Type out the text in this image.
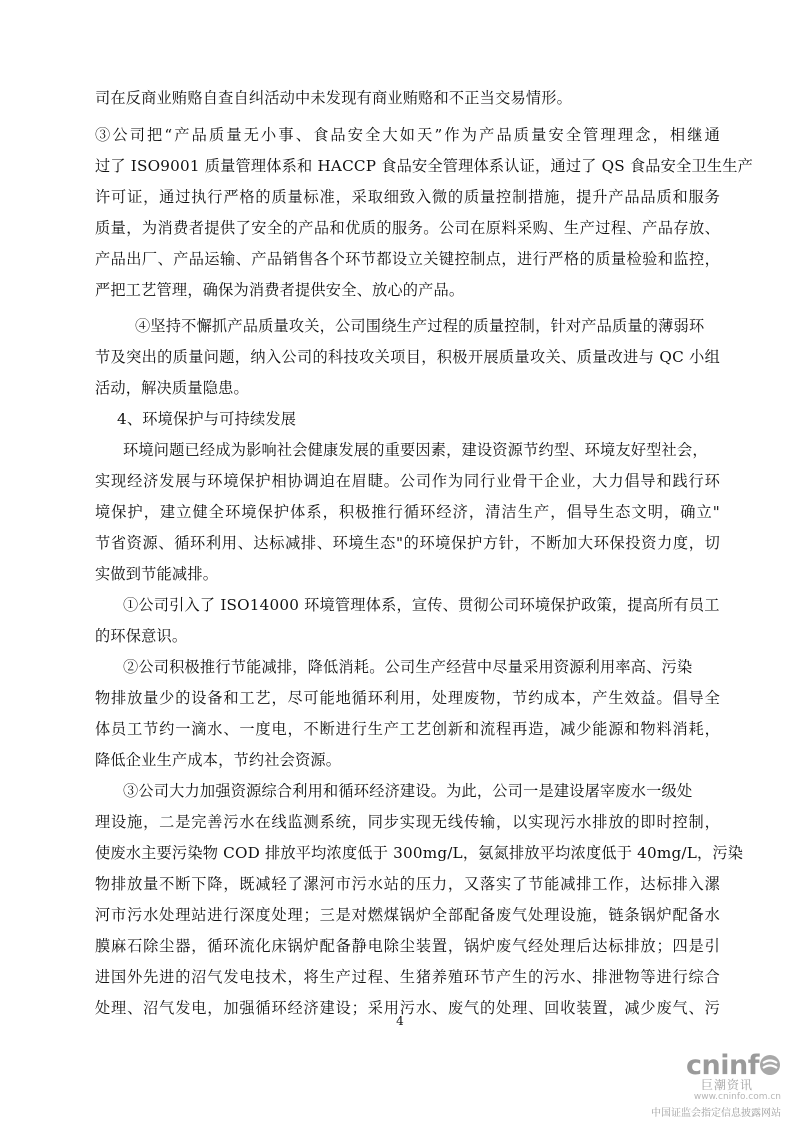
司在反商业贿赂自查自纠活动中未发现有商业贿赂和不正当交易情形。
③公司把“产品质量无小事、食品安全大如天”作为产品质量安全管理理念，相继通
过了 ISO9001 质量管理体系和 HACCP 食品安全管理体系认证，通过了 QS 食品安全卫生生产
许可证，通过执行严格的质量标准，采取细致入微的质量控制措施，提升产品品质和服务
质量，为消费者提供了安全的产品和优质的服务。公司在原料采购、生产过程、产品存放、
产品出厂、产品运输、产品销售各个环节都设立关键控制点，进行严格的质量检验和监控，
严把工艺管理，确保为消费者提供安全、放心的产品。
④坚持不懈抓产品质量攻关，公司围绕生产过程的质量控制，针对产品质量的薄弱环
节及突出的质量问题，纳入公司的科技攻关项目，积极开展质量攻关、质量改进与 QC 小组
活动，解决质量隐患。
4、环境保护与可持续发展
环境问题已经成为影响社会健康发展的重要因素，建设资源节约型、环境友好型社会，
实现经济发展与环境保护相协调迫在眉睫。公司作为同行业骨干企业，大力倡导和践行环
境保护，建立健全环境保护体系，积极推行循环经济，清洁生产，倡导生态文明，确立"
节省资源、循环利用、达标减排、环境生态"的环境保护方针，不断加大环保投资力度，切
实做到节能减排。
①公司引入了 ISO14000 环境管理体系，宣传、贯彻公司环境保护政策，提高所有员工
的环保意识。
②公司积极推行节能减排，降低消耗。公司生产经营中尽量采用资源利用率高、污染
物排放量少的设备和工艺，尽可能地循环利用，处理废物，节约成本，产生效益。倡导全
体员工节约一滴水、一度电，不断进行生产工艺创新和流程再造，减少能源和物料消耗，
降低企业生产成本，节约社会资源。
③公司大力加强资源综合利用和循环经济建设。为此，公司一是建设屠宰废水一级处
理设施，二是完善污水在线监测系统，同步实现无线传输，以实现污水排放的即时控制，
使废水主要污染物 COD 排放平均浓度低于 300mg/L，氨氮排放平均浓度低于 40mg/L，污染
物排放量不断下降，既减轻了漯河市污水站的压力，又落实了节能减排工作，达标排入漯
河市污水处理站进行深度处理；三是对燃煤锅炉全部配备废气处理设施，链条锅炉配备水
膜麻石除尘器，循环流化床锅炉配备静电除尘装置，锅炉废气经处理后达标排放；四是引
进国外先进的沼气发电技术，将生产过程、生猪养殖环节产生的污水、排泄物等进行综合
处理、沼气发电，加强循环经济建设；采用污水、废气的处理、回收装置，减少废气、污
4
cninf
巨潮资讯
www.cninfo.com.cn
中国证监会指定信息披露网站
